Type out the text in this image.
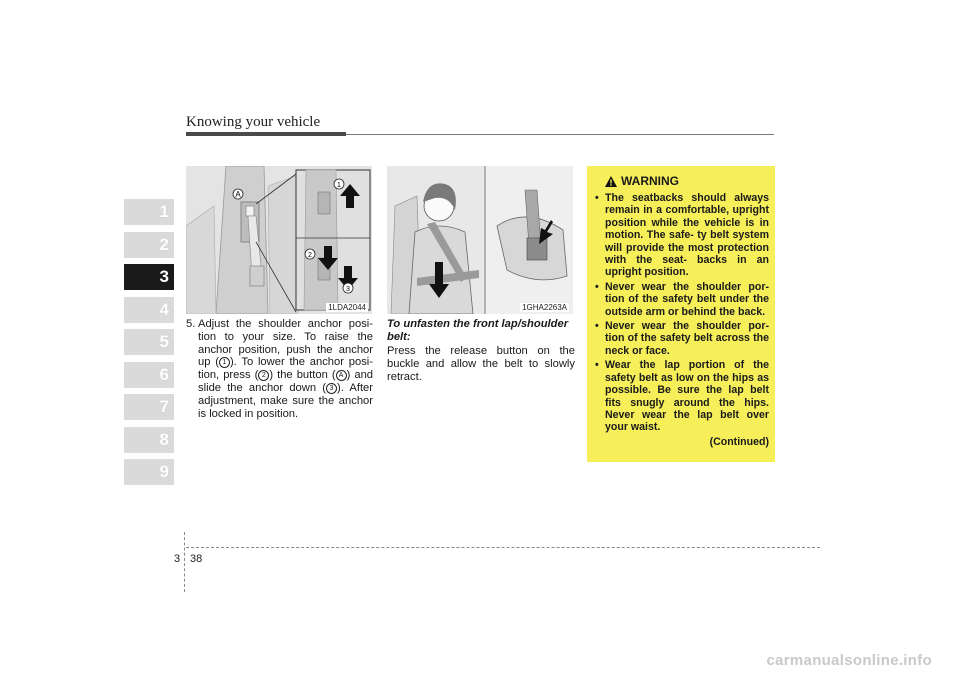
Knowing your vehicle
1
2
3
4
5
6
7
8
9
A
1
2
3
1LDA2044	1GHA2263A
5. Adjust the shoulder anchor posi- tion to your size. To raise the anchor position, push the anchor up ( 1 ). To lower the anchor posi- tion, press ( 2 ) the button ( A ) and slide the anchor down ( 3 ). After adjustment, make sure the anchor is locked in position.
To unfasten the front lap/shoulder belt:
Press the release button on the buckle and allow the belt to slowly retract.
WARNING
• The seatbacks should always remain in a comfortable, upright position while the vehicle is in motion. The safe- ty belt system will provide the most protection with the seat- backs in an upright position.
• Never wear the shoulder por- tion of the safety belt under the outside arm or behind the back.
• Never wear the shoulder por- tion of the safety belt across the neck or face.
• Wear the lap portion of the safety belt as low on the hips as possible. Be sure the lap belt fits snugly around the hips. Never wear the lap belt over your waist.
(Continued)
3 38
carmanualsonline.info
